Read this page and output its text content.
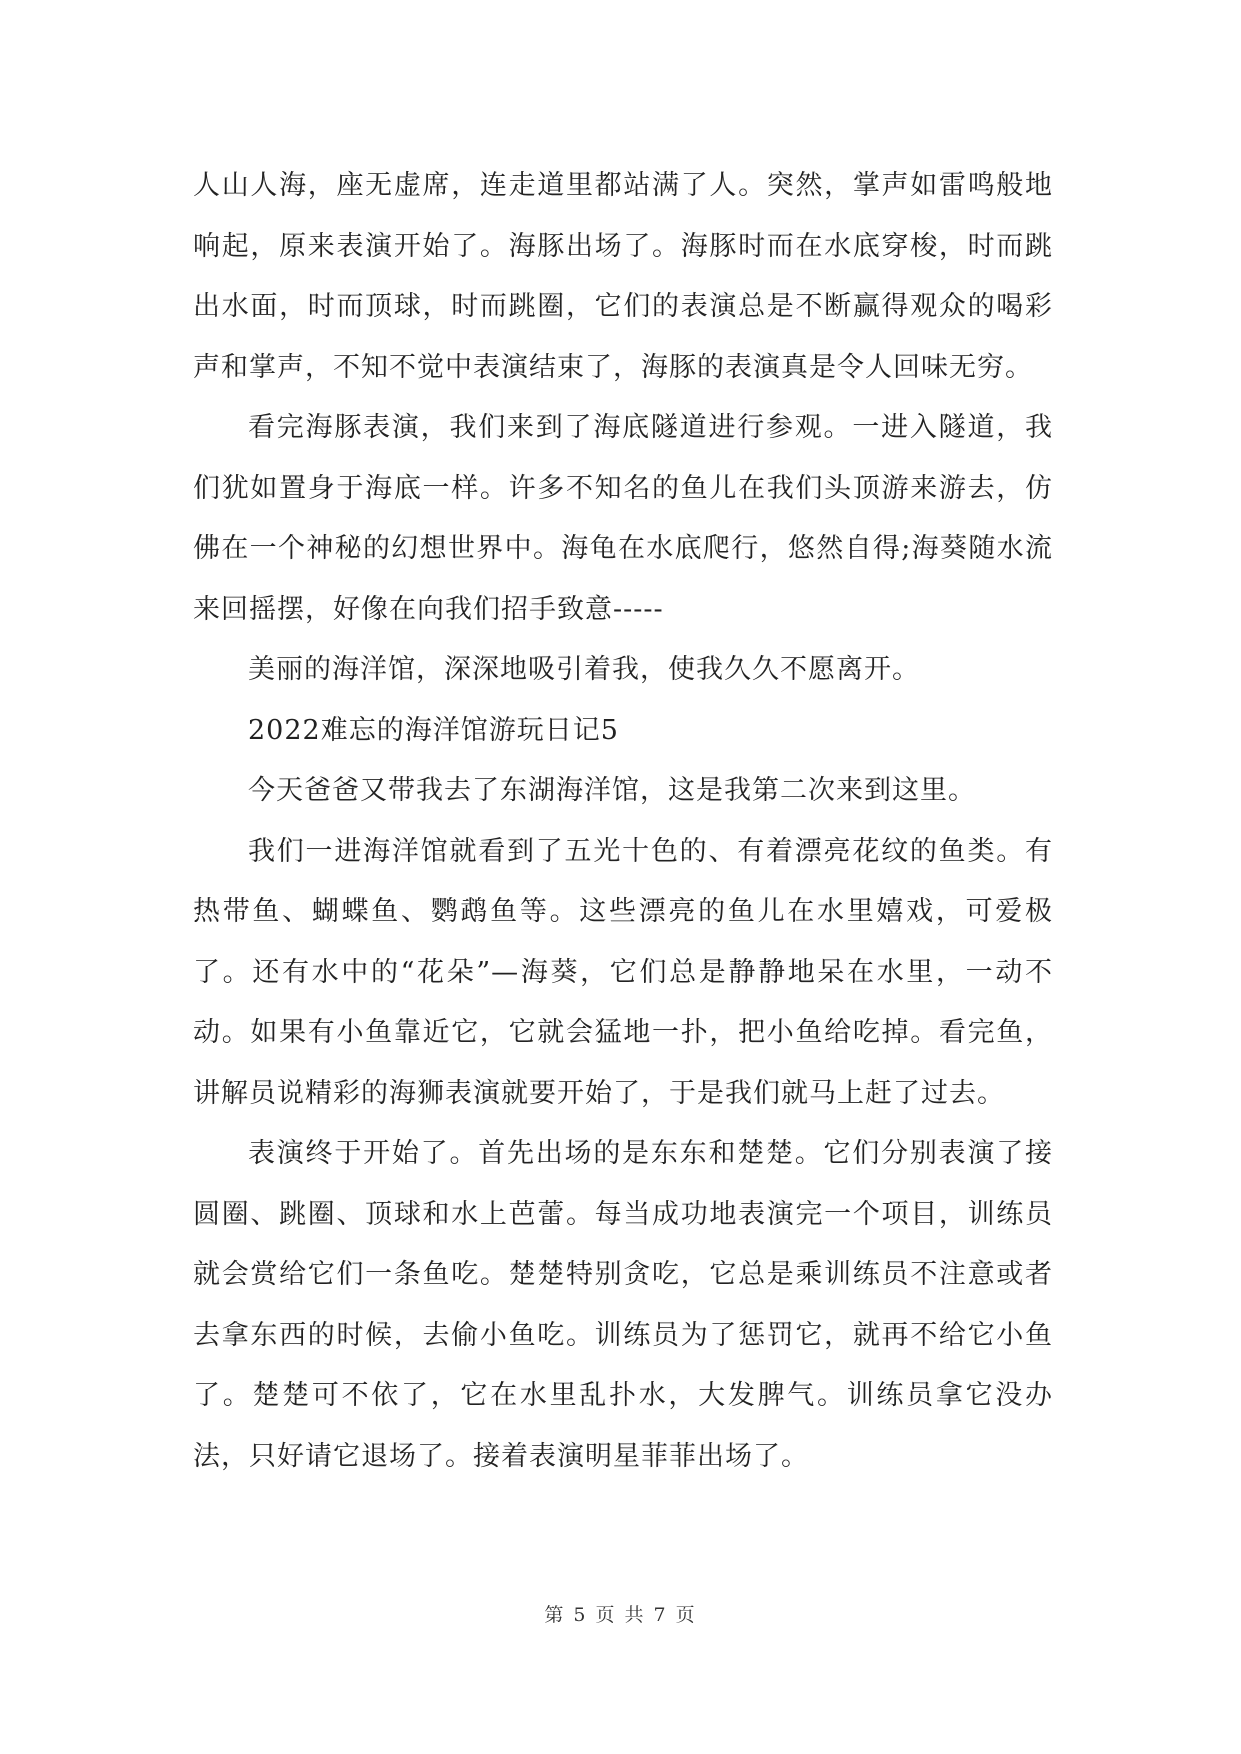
人山人海，座无虚席，连走道里都站满了人。突然，掌声如雷鸣般地响起，原来表演开始了。海豚出场了。海豚时而在水底穿梭，时而跳出水面，时而顶球，时而跳圈，它们的表演总是不断赢得观众的喝彩声和掌声，不知不觉中表演结束了，海豚的表演真是令人回味无穷。

看完海豚表演，我们来到了海底隧道进行参观。一进入隧道，我们犹如置身于海底一样。许多不知名的鱼儿在我们头顶游来游去，仿佛在一个神秘的幻想世界中。海龟在水底爬行，悠然自得;海葵随水流来回摇摆，好像在向我们招手致意-----

美丽的海洋馆，深深地吸引着我，使我久久不愿离开。

2022难忘的海洋馆游玩日记5

今天爸爸又带我去了东湖海洋馆，这是我第二次来到这里。

我们一进海洋馆就看到了五光十色的、有着漂亮花纹的鱼类。有热带鱼、蝴蝶鱼、鹦鹉鱼等。这些漂亮的鱼儿在水里嬉戏，可爱极了。还有水中的“花朵”—海葵，它们总是静静地呆在水里，一动不动。如果有小鱼靠近它，它就会猛地一扑，把小鱼给吃掉。看完鱼，讲解员说精彩的海狮表演就要开始了，于是我们就马上赶了过去。

表演终于开始了。首先出场的是东东和楚楚。它们分别表演了接圆圈、跳圈、顶球和水上芭蕾。每当成功地表演完一个项目，训练员就会赏给它们一条鱼吃。楚楚特别贪吃，它总是乘训练员不注意或者去拿东西的时候，去偷小鱼吃。训练员为了惩罚它，就再不给它小鱼了。楚楚可不依了，它在水里乱扑水，大发脾气。训练员拿它没办法，只好请它退场了。接着表演明星菲菲出场了。

第 5 页 共 7 页
